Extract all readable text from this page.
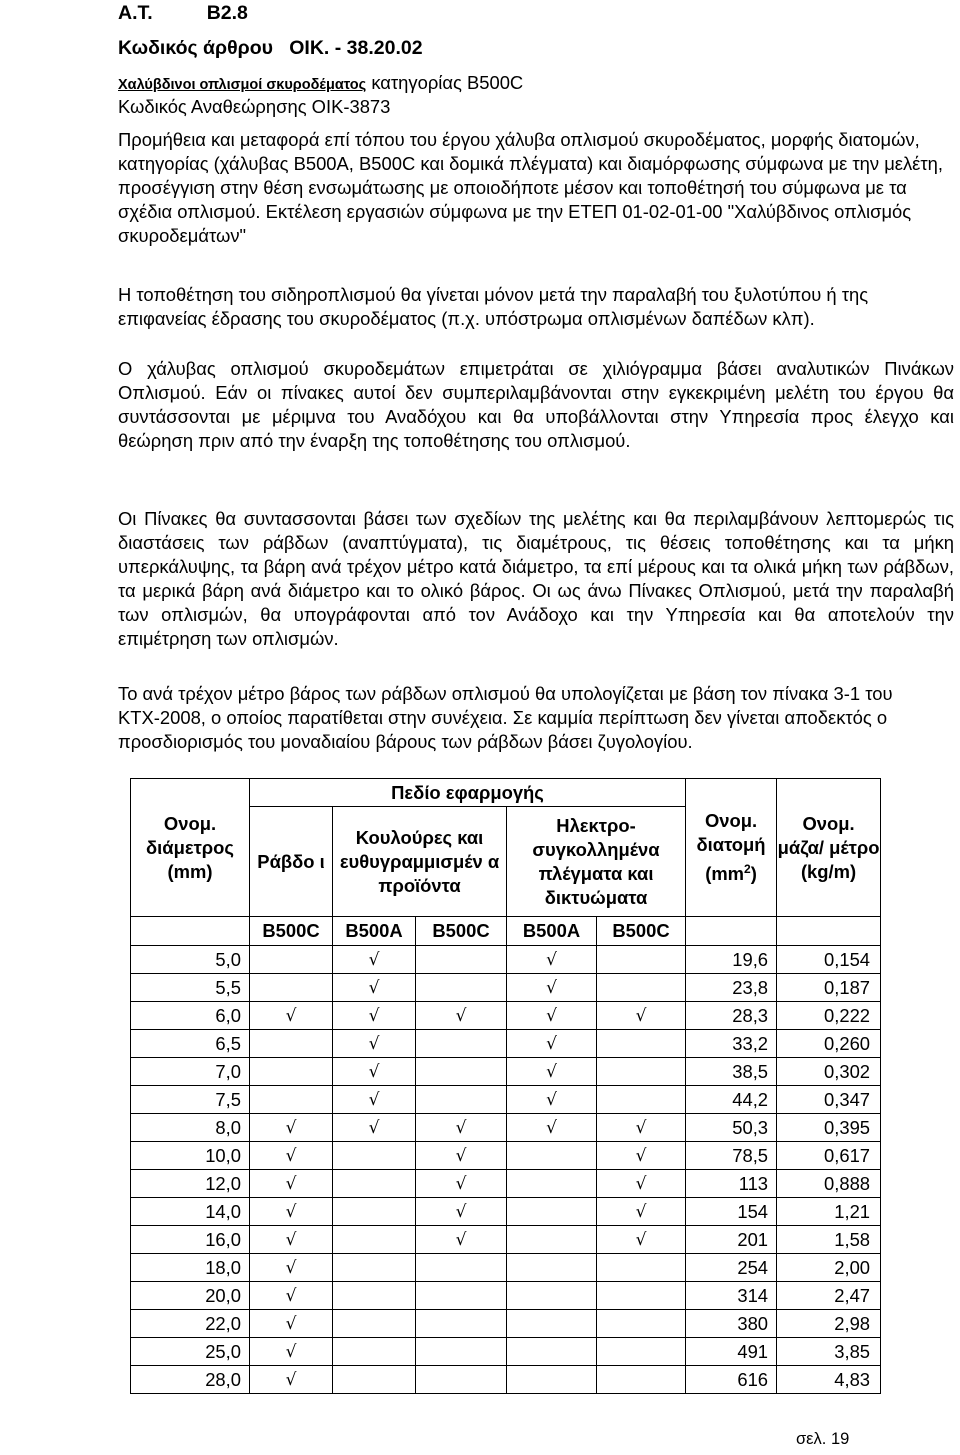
Α.Τ.	Β2.8
Κωδικός άρθρου ΟΙΚ. - 38.20.02
Χαλύβδινοι οπλισμοί σκυροδέματος κατηγορίας Β500C
Κωδικός Αναθεώρησης ΟΙΚ-3873

Προμήθεια και μεταφορά επί τόπου του έργου χάλυβα οπλισμού σκυροδέματος, μορφής διατομών, κατηγορίας (χάλυβας Β500Α, Β500C και δομικά πλέγματα) και διαμόρφωσης σύμφωνα με την μελέτη, προσέγγιση στην θέση ενσωμάτωσης με οποιοδήποτε μέσον και τοποθέτησή του σύμφωνα με τα σχέδια οπλισμού. Εκτέλεση εργασιών σύμφωνα με την ΕΤΕΠ 01-02-01-00 "Χαλύβδινος οπλισμός σκυροδεμάτων"

Η τοποθέτηση του σιδηροπλισμού θα γίνεται μόνον μετά την παραλαβή του ξυλοτύπου ή της επιφανείας έδρασης του σκυροδέματος (π.χ. υπόστρωμα οπλισμένων δαπέδων κλπ).

Ο χάλυβας οπλισμού σκυροδεμάτων επιμετράται σε χιλιόγραμμα βάσει αναλυτικών Πινάκων Οπλισμού. Εάν οι πίνακες αυτοί δεν συμπεριλαμβάνονται στην εγκεκριμένη μελέτη του έργου θα συντάσσονται με μέριμνα του Αναδόχου και θα υποβάλλονται στην Υπηρεσία προς έλεγχο και θεώρηση πριν από την έναρξη της τοποθέτησης του οπλισμού.

Οι Πίνακες θα συντασσονται βάσει των σχεδίων της μελέτης και θα περιλαμβάνουν λεπτομερώς τις διαστάσεις των ράβδων (αναπτύγματα), τις διαμέτρους, τις θέσεις τοποθέτησης και τα μήκη υπερκάλυψης, τα βάρη ανά τρέχον μέτρο κατά διάμετρο, τα επί μέρους και τα ολικά μήκη των ράβδων, τα μερικά βάρη ανά διάμετρο και το ολικό βάρος. Οι ως άνω Πίνακες Οπλισμού, μετά την παραλαβή των οπλισμών, θα υπογράφονται από τον Ανάδοχο και την Υπηρεσία και θα αποτελούν την επιμέτρηση των οπλισμών.

Το ανά τρέχον μέτρο βάρος των ράβδων οπλισμού θα υπολογίζεται με βάση τον πίνακα 3-1 του ΚΤΧ-2008, ο οποίος παρατίθεται στην συνέχεια. Σε καμμία περίπτωση δεν γίνεται αποδεκτός ο προσδιορισμός του μοναδιαίου βάρους των ράβδων βάσει ζυγολογίου.

Ονομ. διάμετρος (mm)	Πεδίο εφαρμογής					Ονομ. διατομή $(mm^2)$	Ονομ. μάζα/ μέτρο (kg/m)
	Ράβδο ι	Κουλούρες και ευθυγραμμισμέν α προϊόντα		Ηλεκτρο- συγκολλημένα πλέγματα και δικτυώματα			
	Β500C	Β500Α	Β500C	Β500Α	Β500C		
5,0		√		√		19,6	0,154
5,5		√		√		23,8	0,187
6,0	√	√	√	√	√	28,3	0,222
6,5		√		√		33,2	0,260
7,0		√		√		38,5	0,302
7,5		√		√		44,2	0,347
8,0	√	√	√	√	√	50,3	0,395
10,0	√		√		√	78,5	0,617
12,0	√		√		√	113	0,888
14,0	√		√		√	154	1,21
16,0	√		√		√	201	1,58
18,0	√					254	2,00
20,0	√					314	2,47
22,0	√					380	2,98
25,0	√					491	3,85
28,0	√					616	4,83
σελ. 19
